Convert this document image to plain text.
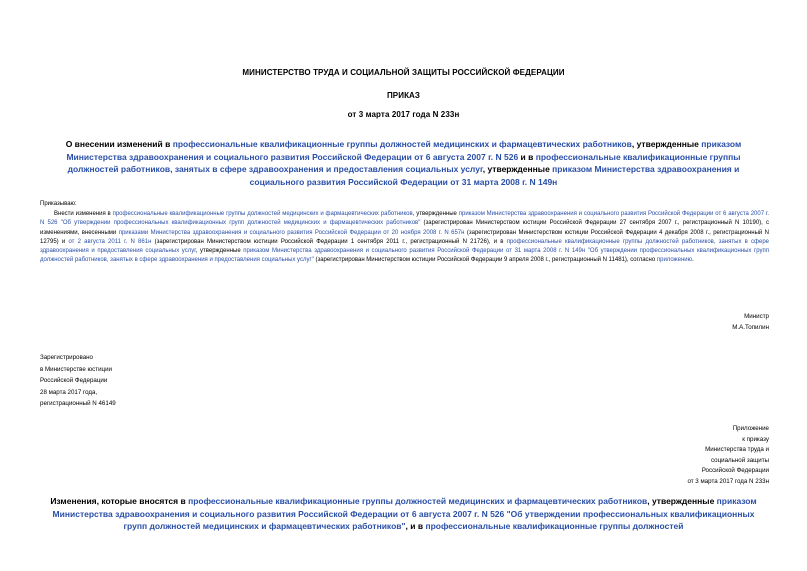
МИНИСТЕРСТВО ТРУДА И СОЦИАЛЬНОЙ ЗАЩИТЫ РОССИЙСКОЙ ФЕДЕРАЦИИ
ПРИКАЗ
от 3 марта 2017 года N 233н
О внесении изменений в профессиональные квалификационные группы должностей медицинских и фармацевтических работников, утвержденные приказом Министерства здравоохранения и социального развития Российской Федерации от 6 августа 2007 г. N 526 и в профессиональные квалификационные группы должностей работников, занятых в сфере здравоохранения и предоставления социальных услуг, утвержденные приказом Министерства здравоохранения и социального развития Российской Федерации от 31 марта 2008 г. N 149н
Приказываю:

Внести изменения в профессиональные квалификационные группы должностей медицинских и фармацевтических работников, утвержденные приказом Министерства здравоохранения и социального развития Российской Федерации от 6 августа 2007 г. N 526 "Об утверждении профессиональных квалификационных групп должностей медицинских и фармацевтических работников" (зарегистрирован Министерством юстиции Российской Федерации 27 сентября 2007 г., регистрационный N 10190), с изменениями, внесенными приказами Министерства здравоохранения и социального развития Российской Федерации от 20 ноября 2008 г. N 657н (зарегистрирован Министерством юстиции Российской Федерации 4 декабря 2008 г., регистрационный N 12795) и от 2 августа 2011 г. N 861н (зарегистрирован Министерством юстиции Российской Федерации 1 сентября 2011 г., регистрационный N 21726), и в профессиональные квалификационные группы должностей работников, занятых в сфере здравоохранения и предоставления социальных услуг, утвержденные приказом Министерства здравоохранения и социального развития Российской Федерации от 31 марта 2008 г. N 149н "Об утверждении профессиональных квалификационных групп должностей работников, занятых в сфере здравоохранения и предоставления социальных услуг" (зарегистрирован Министерством юстиции Российской Федерации 9 апреля 2008 г., регистрационный N 11481), согласно приложению.

Министр
М.А.Топилин
Зарегистрировано
в Министерстве юстиции
Российской Федерации
28 марта 2017 года,
регистрационный N 46149
Приложение
к приказу
Министерства труда и
социальной защиты
Российской Федерации
от 3 марта 2017 года N 233н
Изменения, которые вносятся в профессиональные квалификационные группы должностей медицинских и фармацевтических работников, утвержденные приказом Министерства здравоохранения и социального развития Российской Федерации от 6 августа 2007 г. N 526 "Об утверждении профессиональных квалификационных групп должностей медицинских и фармацевтических работников", и в профессиональные квалификационные группы должностей
